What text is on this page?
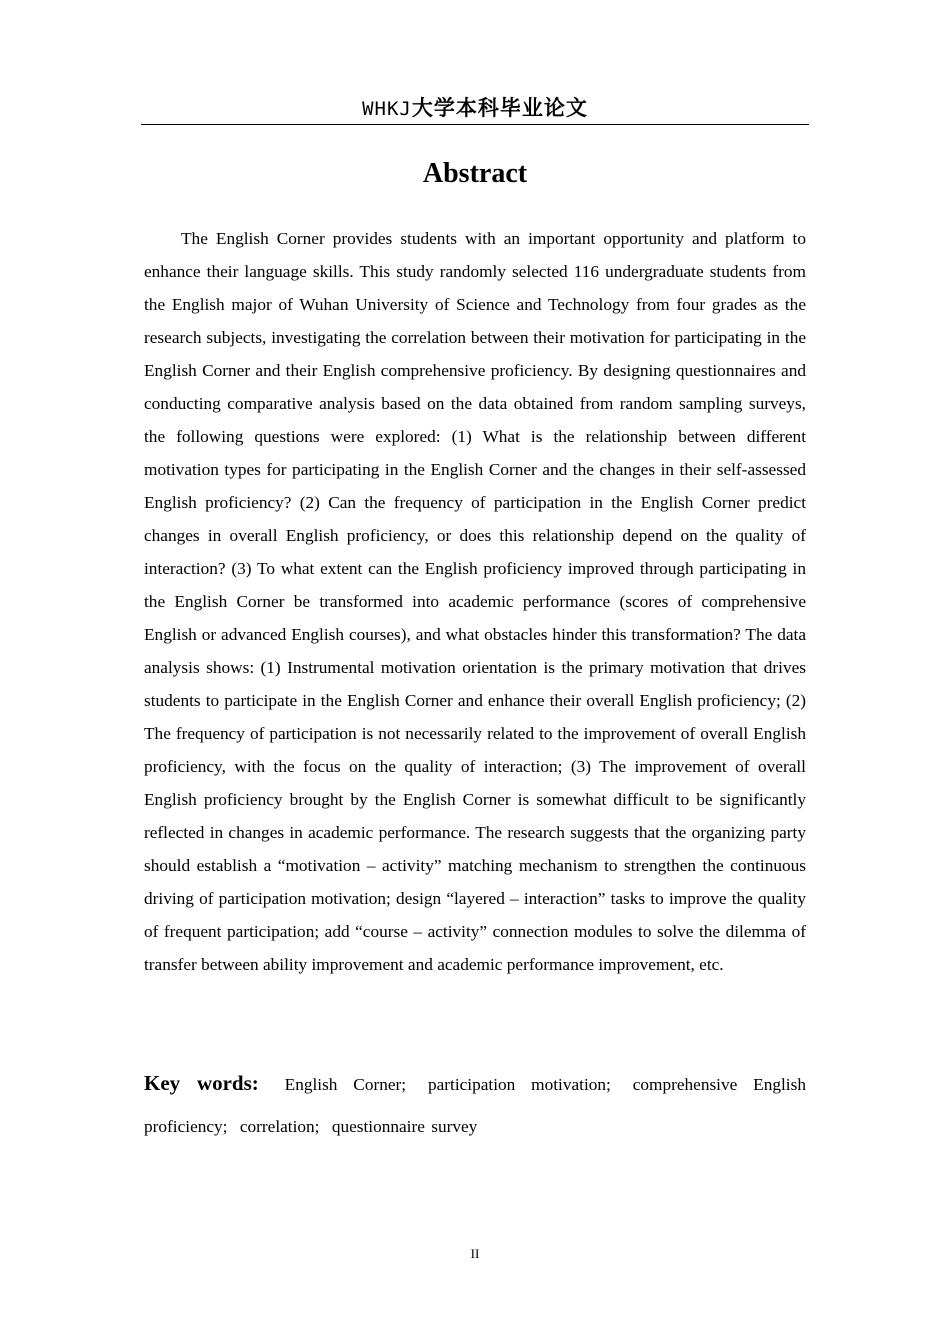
WHKJ大学本科毕业论文
Abstract

The English Corner provides students with an important opportunity and platform to enhance their language skills. This study randomly selected 116 undergraduate students from the English major of Wuhan University of Science and Technology from four grades as the research subjects, investigating the correlation between their motivation for participating in the English Corner and their English comprehensive proficiency. By designing questionnaires and conducting comparative analysis based on the data obtained from random sampling surveys, the following questions were explored: (1) What is the relationship between different motivation types for participating in the English Corner and the changes in their self-assessed English proficiency? (2) Can the frequency of participation in the English Corner predict changes in overall English proficiency, or does this relationship depend on the quality of interaction? (3) To what extent can the English proficiency improved through participating in the English Corner be transformed into academic performance (scores of comprehensive English or advanced English courses), and what obstacles hinder this transformation? The data analysis shows: (1) Instrumental motivation orientation is the primary motivation that drives students to participate in the English Corner and enhance their overall English proficiency; (2) The frequency of participation is not necessarily related to the improvement of overall English proficiency, with the focus on the quality of interaction; (3) The improvement of overall English proficiency brought by the English Corner is somewhat difficult to be significantly reflected in changes in academic performance. The research suggests that the organizing party should establish a “motivation – activity” matching mechanism to strengthen the continuous driving of participation motivation; design “layered – interaction” tasks to improve the quality of frequent participation; add “course – activity” connection modules to solve the dilemma of transfer between ability improvement and academic performance improvement, etc.

Key words: English Corner; participation motivation; comprehensive English proficiency; correlation; questionnaire survey

II
